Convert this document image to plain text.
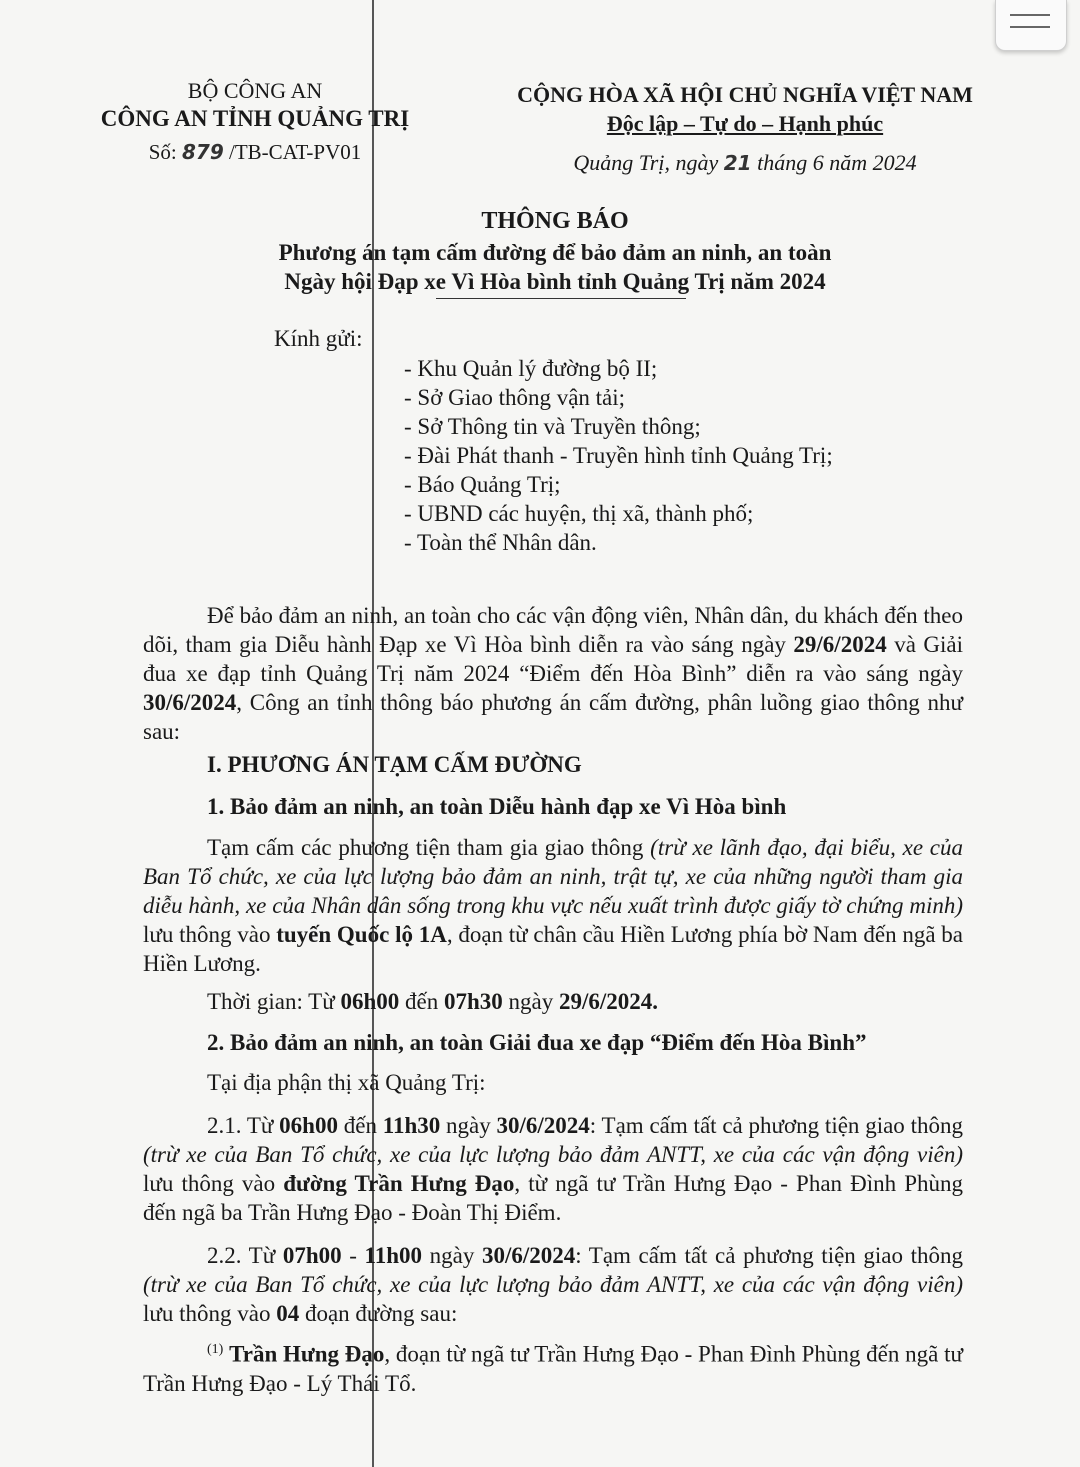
BỘ CÔNG AN
CÔNG AN TỈNH QUẢNG TRỊ
Số: 879 /TB-CAT-PV01
CỘNG HÒA XÃ HỘI CHỦ NGHĨA VIỆT NAM
Độc lập – Tự do – Hạnh phúc
Quảng Trị, ngày 21 tháng 6 năm 2024
THÔNG BÁO
Phương án tạm cấm đường để bảo đảm an ninh, an toàn
Ngày hội Đạp xe Vì Hòa bình tỉnh Quảng Trị năm 2024
Kính gửi:
- Khu Quản lý đường bộ II;
- Sở Giao thông vận tải;
- Sở Thông tin và Truyền thông;
- Đài Phát thanh - Truyền hình tỉnh Quảng Trị;
- Báo Quảng Trị;
- UBND các huyện, thị xã, thành phố;
- Toàn thể Nhân dân.
Để bảo đảm an ninh, an toàn cho các vận động viên, Nhân dân, du khách đến theo dõi, tham gia Diễu hành Đạp xe Vì Hòa bình diễn ra vào sáng ngày 29/6/2024 và Giải đua xe đạp tỉnh Quảng Trị năm 2024 “Điểm đến Hòa Bình” diễn ra vào sáng ngày 30/6/2024, Công an tỉnh thông báo phương án cấm đường, phân luồng giao thông như sau:
I. PHƯƠNG ÁN TẠM CẤM ĐƯỜNG
1. Bảo đảm an ninh, an toàn Diễu hành đạp xe Vì Hòa bình
Tạm cấm các phương tiện tham gia giao thông (trừ xe lãnh đạo, đại biểu, xe của Ban Tổ chức, xe của lực lượng bảo đảm an ninh, trật tự, xe của những người tham gia diễu hành, xe của Nhân dân sống trong khu vực nếu xuất trình được giấy tờ chứng minh) lưu thông vào tuyến Quốc lộ 1A, đoạn từ chân cầu Hiền Lương phía bờ Nam đến ngã ba Hiền Lương.
Thời gian: Từ 06h00 đến 07h30 ngày 29/6/2024.
2. Bảo đảm an ninh, an toàn Giải đua xe đạp “Điểm đến Hòa Bình”
Tại địa phận thị xã Quảng Trị:
2.1. Từ 06h00 đến 11h30 ngày 30/6/2024: Tạm cấm tất cả phương tiện giao thông (trừ xe của Ban Tổ chức, xe của lực lượng bảo đảm ANTT, xe của các vận động viên) lưu thông vào đường Trần Hưng Đạo, từ ngã tư Trần Hưng Đạo - Phan Đình Phùng đến ngã ba Trần Hưng Đạo - Đoàn Thị Điểm.
2.2. Từ 07h00 - 11h00 ngày 30/6/2024: Tạm cấm tất cả phương tiện giao thông (trừ xe của Ban Tổ chức, xe của lực lượng bảo đảm ANTT, xe của các vận động viên) lưu thông vào 04 đoạn đường sau:
$^{(1)}$ Trần Hưng Đạo, đoạn từ ngã tư Trần Hưng Đạo - Phan Đình Phùng đến ngã tư Trần Hưng Đạo - Lý Thái Tổ.
